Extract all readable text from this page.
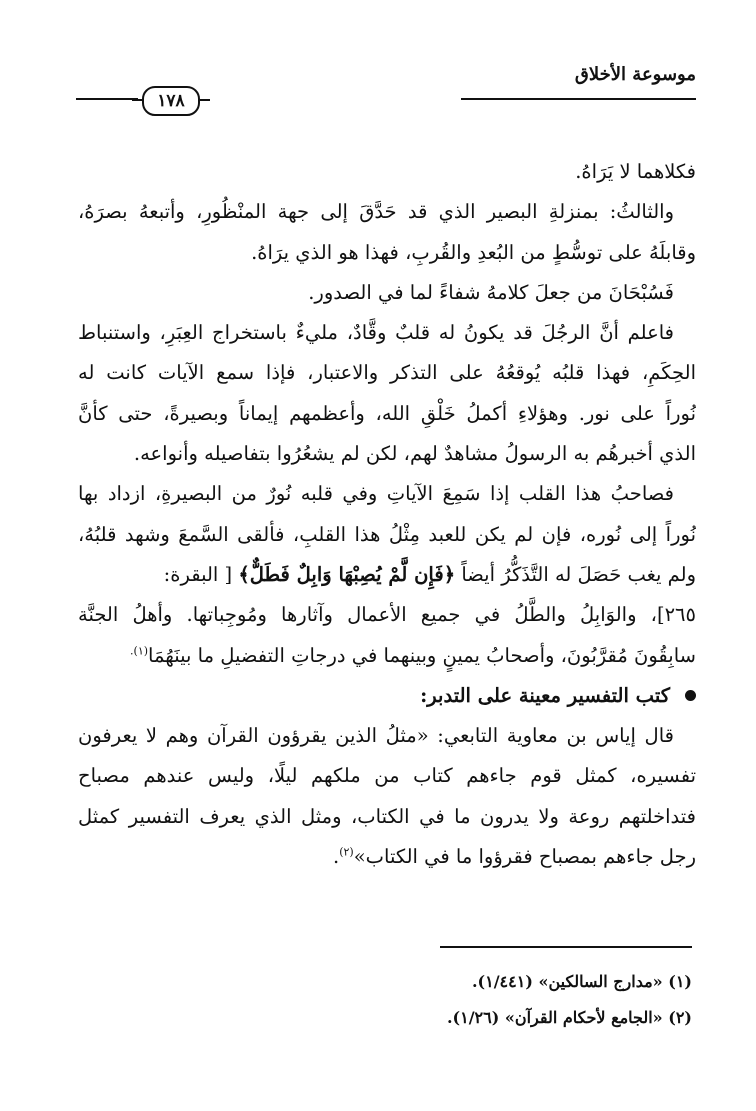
موسوعة الأخلاق
١٧٨
فكلاهما لا يَرَاهُ.
والثالثُ: بمنزلةِ البصير الذي قد حَدَّقَ إلى جهة المنْظُورِ، وأتبعهُ بصرَهُ،
وقابلَهُ على توسُّطٍ من البُعدِ والقُربِ، فهذا هو الذي يرَاهُ.
فَسُبْحَانَ من جعلَ كلامهُ شفاءً لما في الصدور.
فاعلم أنَّ الرجُلَ قد يكونُ له قلبٌ وقَّادٌ، مليءٌ باستخراج العِبَرِ، واستنباط
الحِكَمِ، فهذا قلبُه يُوقعُهُ على التذكر والاعتبار، فإذا سمع الآيات كانت له
نُوراً على نور. وهؤلاءِ أكملُ خَلْقِ الله، وأعظمهم إيماناً وبصيرةً، حتى كأنَّ
الذي أخبرهُم به الرسولُ مشاهدٌ لهم، لكن لم يشعُرُوا بتفاصيله وأنواعه.
فصاحبُ هذا القلب إذا سَمِعَ الآياتِ وفي قلبه نُورٌ من البصيرةِ، ازداد بها
نُوراً إلى نُوره، فإن لم يكن للعبد مِثْلُ هذا القلبِ، فألقى السَّمعَ وشهد قلبُهُ،
ولم يغب حَصَلَ له التَّذَكُّرُ أيضاً ﴿فَإِن لَّمْ يُصِبْهَا وَابِلٌ فَطَلٌّ﴾ [ البقرة:
٢٦٥]، والوَابِلُ والطَّلُ في جميع الأعمال وآثارها ومُوجِباتها. وأهلُ الجنَّة
سابِقُونَ مُقرَّبُونَ، وأصحابُ يمينٍ وبينهما في درجاتِ التفضيلِ ما بينَهُمَا$^{(١).}$
كتب التفسير معينة على التدبر:
قال إياس بن معاوية التابعي: «مثلُ الذين يقرؤون القرآن وهم لا يعرفون
تفسيره، كمثل قوم جاءهم كتاب من ملكهم ليلًا، وليس عندهم مصباح
فتداخلتهم روعة ولا يدرون ما في الكتاب، ومثل الذي يعرف التفسير كمثل
رجل جاءهم بمصباح فقرؤوا ما في الكتاب»$^{(٢)}$.
(١) «مدارج السالكين» (١/٤٤١).
(٢) «الجامع لأحكام القرآن» (١/٢٦).
